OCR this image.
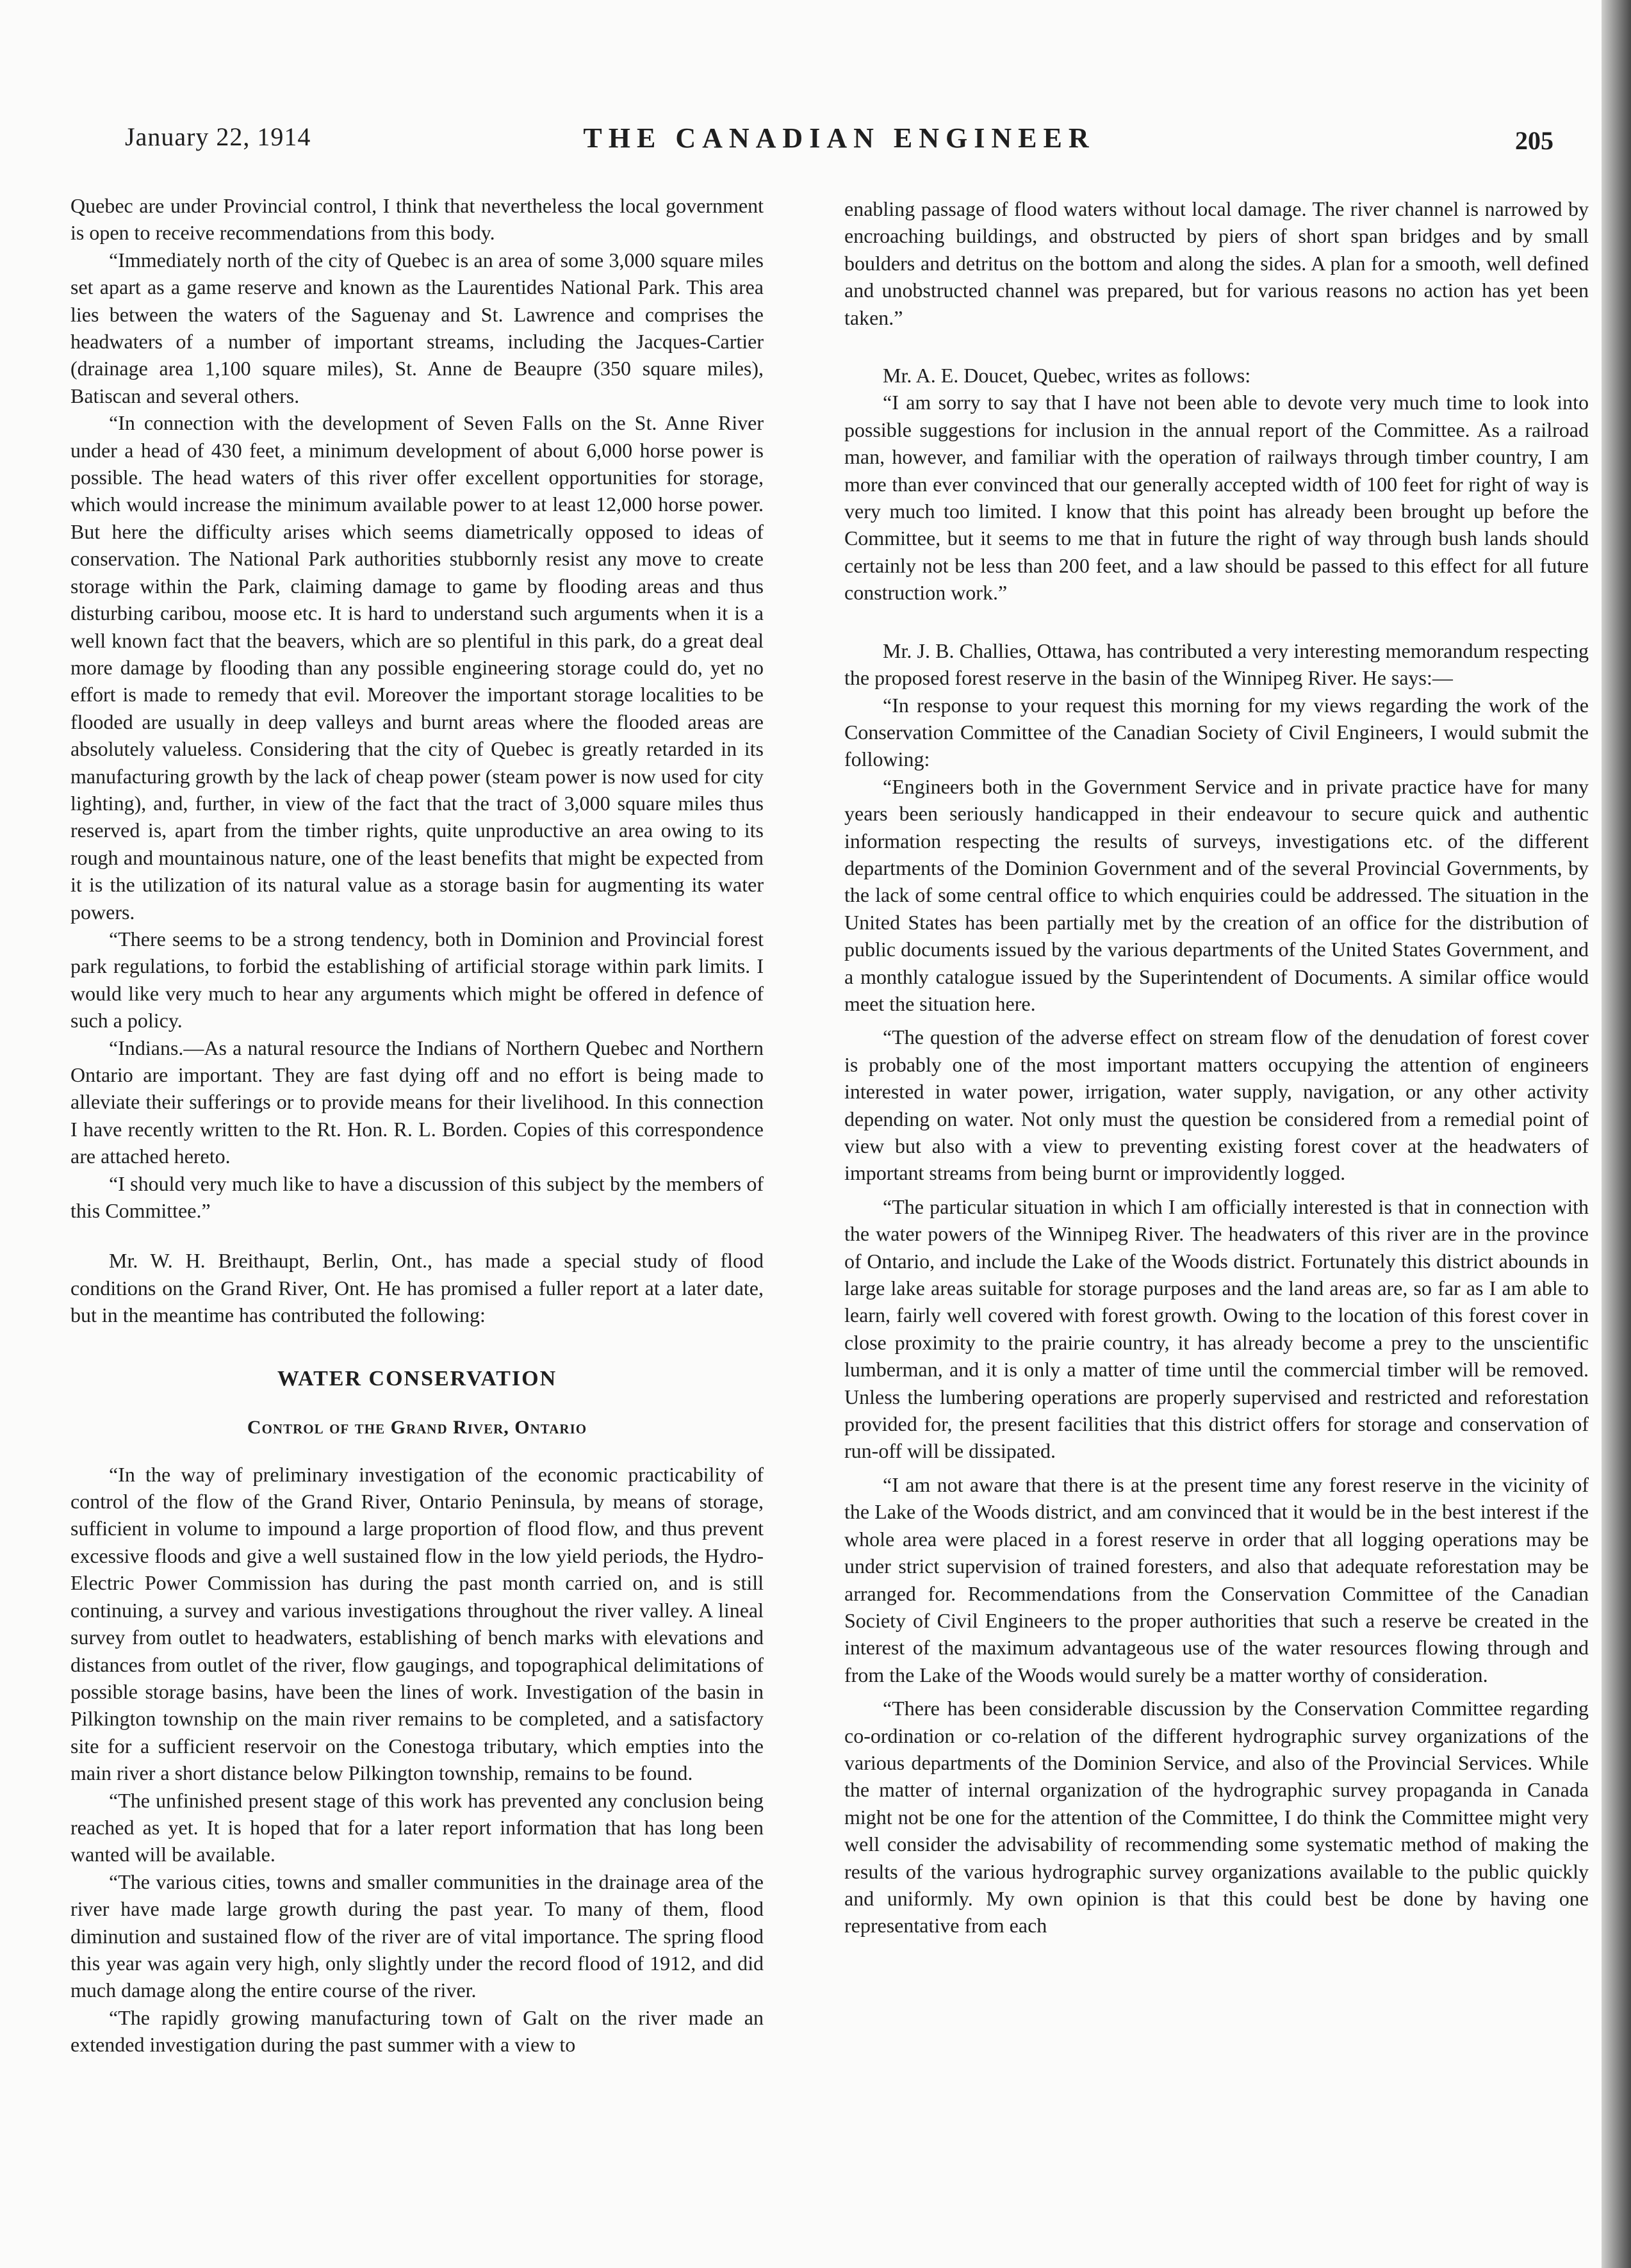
January 22, 1914	THE CANADIAN ENGINEER	205

Quebec are under Provincial control, I think that nevertheless the local government is open to receive recommendations from this body.

“Immediately north of the city of Quebec is an area of some 3,000 square miles set apart as a game reserve and known as the Laurentides National Park. This area lies between the waters of the Saguenay and St. Lawrence and comprises the headwaters of a number of important streams, including the Jacques-Cartier (drainage area 1,100 square miles), St. Anne de Beaupre (350 square miles), Batiscan and several others.

“In connection with the development of Seven Falls on the St. Anne River under a head of 430 feet, a minimum development of about 6,000 horse power is possible. The head waters of this river offer excellent opportunities for storage, which would increase the minimum available power to at least 12,000 horse power. But here the difficulty arises which seems diametrically opposed to ideas of conservation. The National Park authorities stubbornly resist any move to create storage within the Park, claiming damage to game by flooding areas and thus disturbing caribou, moose etc. It is hard to understand such arguments when it is a well known fact that the beavers, which are so plentiful in this park, do a great deal more damage by flooding than any possible engineering storage could do, yet no effort is made to remedy that evil. Moreover the important storage localities to be flooded are usually in deep valleys and burnt areas where the flooded areas are absolutely valueless. Considering that the city of Quebec is greatly retarded in its manufacturing growth by the lack of cheap power (steam power is now used for city lighting), and, further, in view of the fact that the tract of 3,000 square miles thus reserved is, apart from the timber rights, quite unproductive an area owing to its rough and mountainous nature, one of the least benefits that might be expected from it is the utilization of its natural value as a storage basin for augmenting its water powers.

“There seems to be a strong tendency, both in Dominion and Provincial forest park regulations, to forbid the establishing of artificial storage within park limits. I would like very much to hear any arguments which might be offered in defence of such a policy.

“Indians.—As a natural resource the Indians of Northern Quebec and Northern Ontario are important. They are fast dying off and no effort is being made to alleviate their sufferings or to provide means for their livelihood. In this connection I have recently written to the Rt. Hon. R. L. Borden. Copies of this correspondence are attached hereto.

“I should very much like to have a discussion of this subject by the members of this Committee.”

Mr. W. H. Breithaupt, Berlin, Ont., has made a special study of flood conditions on the Grand River, Ont. He has promised a fuller report at a later date, but in the meantime has contributed the following:

WATER CONSERVATION
Control of the Grand River, Ontario

“In the way of preliminary investigation of the economic practicability of control of the flow of the Grand River, Ontario Peninsula, by means of storage, sufficient in volume to impound a large proportion of flood flow, and thus prevent excessive floods and give a well sustained flow in the low yield periods, the Hydro-Electric Power Commission has during the past month carried on, and is still continuing, a survey and various investigations throughout the river valley. A lineal survey from outlet to headwaters, establishing of bench marks with elevations and distances from outlet of the river, flow gaugings, and topographical delimitations of possible storage basins, have been the lines of work. Investigation of the basin in Pilkington township on the main river remains to be completed, and a satisfactory site for a sufficient reservoir on the Conestoga tributary, which empties into the main river a short distance below Pilkington township, remains to be found.

“The unfinished present stage of this work has prevented any conclusion being reached as yet. It is hoped that for a later report information that has long been wanted will be available.

“The various cities, towns and smaller communities in the drainage area of the river have made large growth during the past year. To many of them, flood diminution and sustained flow of the river are of vital importance. The spring flood this year was again very high, only slightly under the record flood of 1912, and did much damage along the entire course of the river.

“The rapidly growing manufacturing town of Galt on the river made an extended investigation during the past summer with a view to

enabling passage of flood waters without local damage. The river channel is narrowed by encroaching buildings, and obstructed by piers of short span bridges and by small boulders and detritus on the bottom and along the sides. A plan for a smooth, well defined and unobstructed channel was prepared, but for various reasons no action has yet been taken.”

Mr. A. E. Doucet, Quebec, writes as follows:

“I am sorry to say that I have not been able to devote very much time to look into possible suggestions for inclusion in the annual report of the Committee. As a railroad man, however, and familiar with the operation of railways through timber country, I am more than ever convinced that our generally accepted width of 100 feet for right of way is very much too limited. I know that this point has already been brought up before the Committee, but it seems to me that in future the right of way through bush lands should certainly not be less than 200 feet, and a law should be passed to this effect for all future construction work.”

Mr. J. B. Challies, Ottawa, has contributed a very interesting memorandum respecting the proposed forest reserve in the basin of the Winnipeg River. He says:—

“In response to your request this morning for my views regarding the work of the Conservation Committee of the Canadian Society of Civil Engineers, I would submit the following:

“Engineers both in the Government Service and in private practice have for many years been seriously handicapped in their endeavour to secure quick and authentic information respecting the results of surveys, investigations etc. of the different departments of the Dominion Government and of the several Provincial Governments, by the lack of some central office to which enquiries could be addressed. The situation in the United States has been partially met by the creation of an office for the distribution of public documents issued by the various departments of the United States Government, and a monthly catalogue issued by the Superintendent of Documents. A similar office would meet the situation here.

“The question of the adverse effect on stream flow of the denudation of forest cover is probably one of the most important matters occupying the attention of engineers interested in water power, irrigation, water supply, navigation, or any other activity depending on water. Not only must the question be considered from a remedial point of view but also with a view to preventing existing forest cover at the headwaters of important streams from being burnt or improvidently logged.

“The particular situation in which I am officially interested is that in connection with the water powers of the Winnipeg River. The headwaters of this river are in the province of Ontario, and include the Lake of the Woods district. Fortunately this district abounds in large lake areas suitable for storage purposes and the land areas are, so far as I am able to learn, fairly well covered with forest growth. Owing to the location of this forest cover in close proximity to the prairie country, it has already become a prey to the unscientific lumberman, and it is only a matter of time until the commercial timber will be removed. Unless the lumbering operations are properly supervised and restricted and reforestation provided for, the present facilities that this district offers for storage and conservation of run-off will be dissipated.

“I am not aware that there is at the present time any forest reserve in the vicinity of the Lake of the Woods district, and am convinced that it would be in the best interest if the whole area were placed in a forest reserve in order that all logging operations may be under strict supervision of trained foresters, and also that adequate reforestation may be arranged for. Recommendations from the Conservation Committee of the Canadian Society of Civil Engineers to the proper authorities that such a reserve be created in the interest of the maximum advantageous use of the water resources flowing through and from the Lake of the Woods would surely be a matter worthy of consideration.

“There has been considerable discussion by the Conservation Committee regarding co-ordination or co-relation of the different hydrographic survey organizations of the various departments of the Dominion Service, and also of the Provincial Services. While the matter of internal organization of the hydrographic survey propaganda in Canada might not be one for the attention of the Committee, I do think the Committee might very well consider the advisability of recommending some systematic method of making the results of the various hydrographic survey organizations available to the public quickly and uniformly. My own opinion is that this could best be done by having one representative from each
